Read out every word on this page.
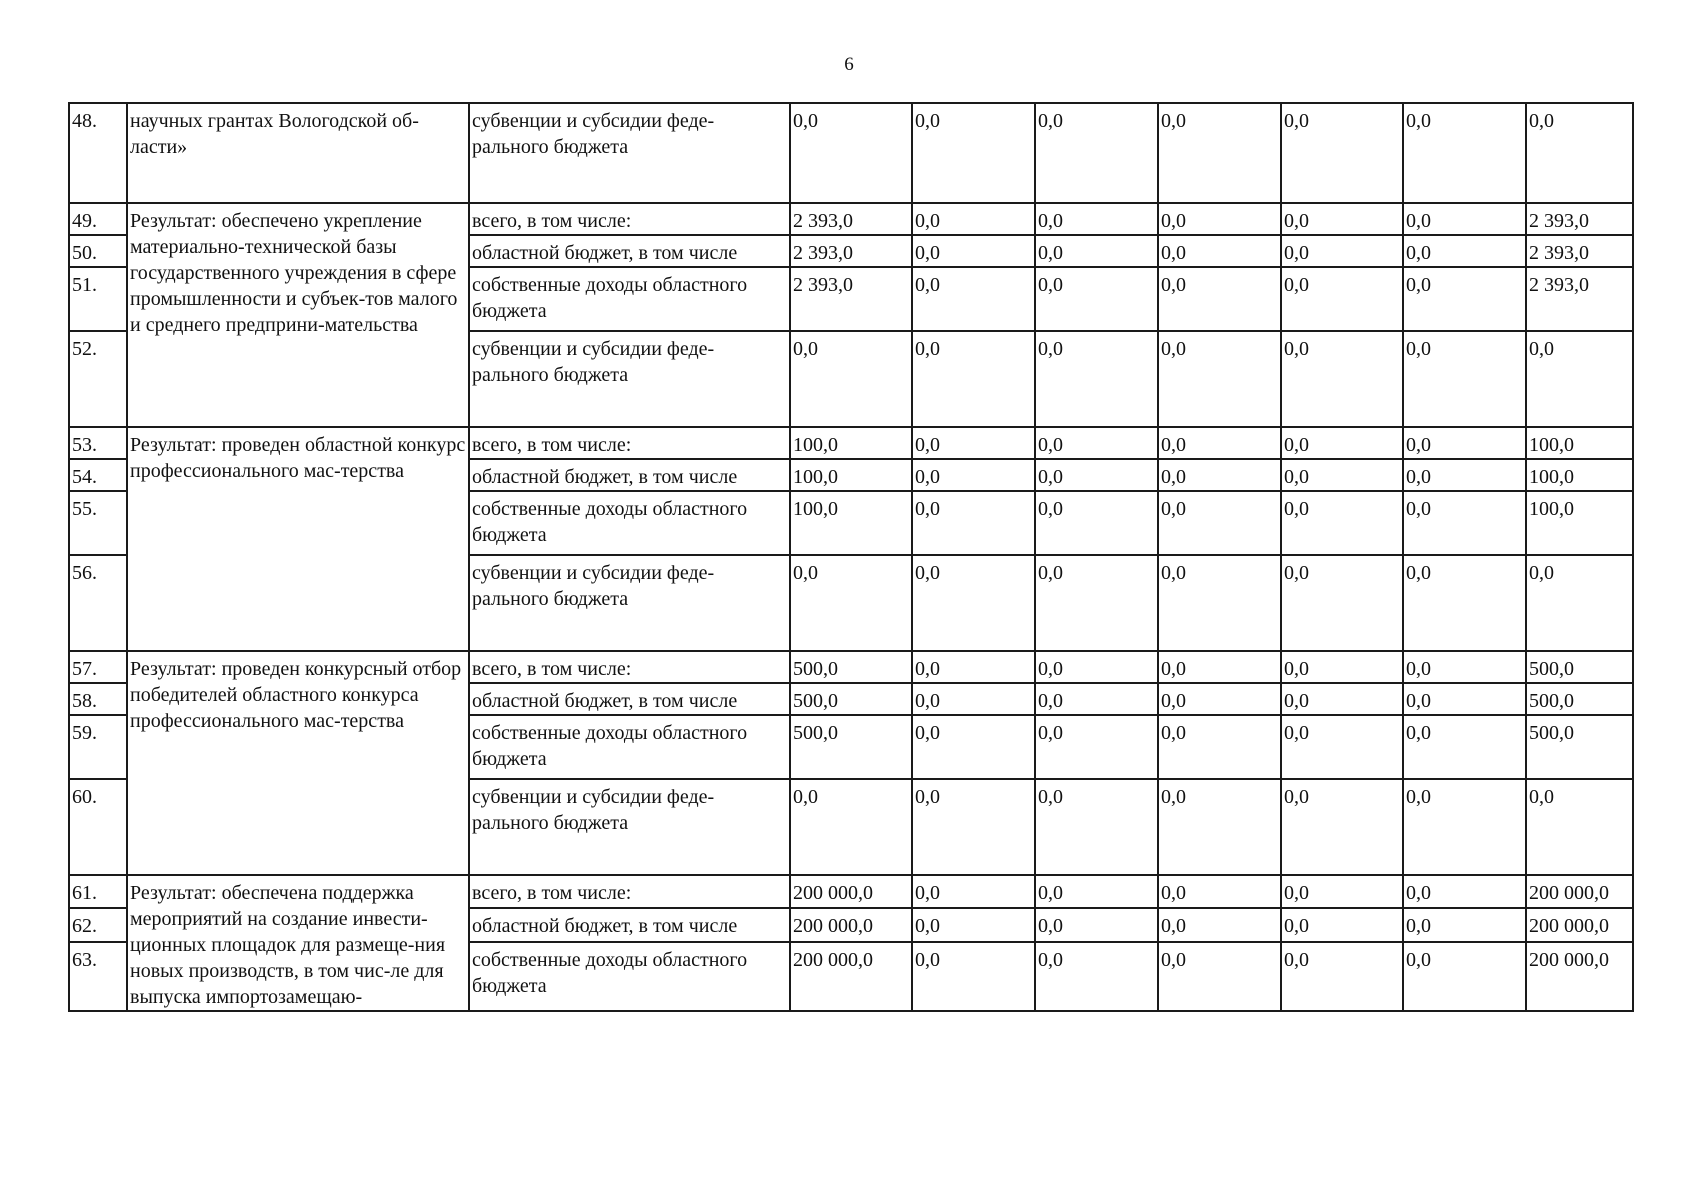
6
48.	научных грантах Вологодской об-ласти»	субвенции и субсидии феде-рального бюджета	0,0	0,0	0,0	0,0	0,0	0,0	0,0
49.	Результат: обеспечено укрепление материально-технической базы государственного учреждения в сфере промышленности и субъек-тов малого и среднего предприни-мательства	всего, в том числе:	2 393,0	0,0	0,0	0,0	0,0	0,0	2 393,0
50.		областной бюджет, в том числе	2 393,0	0,0	0,0	0,0	0,0	0,0	2 393,0
51.		собственные доходы областного бюджета	2 393,0	0,0	0,0	0,0	0,0	0,0	2 393,0
52.		субвенции и субсидии феде-рального бюджета	0,0	0,0	0,0	0,0	0,0	0,0	0,0
53.	Результат: проведен областной конкурс профессионального мас-терства	всего, в том числе:	100,0	0,0	0,0	0,0	0,0	0,0	100,0
54.		областной бюджет, в том числе	100,0	0,0	0,0	0,0	0,0	0,0	100,0
55.		собственные доходы областного бюджета	100,0	0,0	0,0	0,0	0,0	0,0	100,0
56.		субвенции и субсидии феде-рального бюджета	0,0	0,0	0,0	0,0	0,0	0,0	0,0
57.	Результат: проведен конкурсный отбор победителей областного конкурса профессионального мас-терства	всего, в том числе:	500,0	0,0	0,0	0,0	0,0	0,0	500,0
58.		областной бюджет, в том числе	500,0	0,0	0,0	0,0	0,0	0,0	500,0
59.		собственные доходы областного бюджета	500,0	0,0	0,0	0,0	0,0	0,0	500,0
60.		субвенции и субсидии феде-рального бюджета	0,0	0,0	0,0	0,0	0,0	0,0	0,0
61.	Результат: обеспечена поддержка мероприятий на создание инвести-ционных площадок для размеще-ния новых производств, в том чис-ле для выпуска импортозамещаю-	всего, в том числе:	200 000,0	0,0	0,0	0,0	0,0	0,0	200 000,0
62.		областной бюджет, в том числе	200 000,0	0,0	0,0	0,0	0,0	0,0	200 000,0
63.		собственные доходы областного бюджета	200 000,0	0,0	0,0	0,0	0,0	0,0	200 000,0
